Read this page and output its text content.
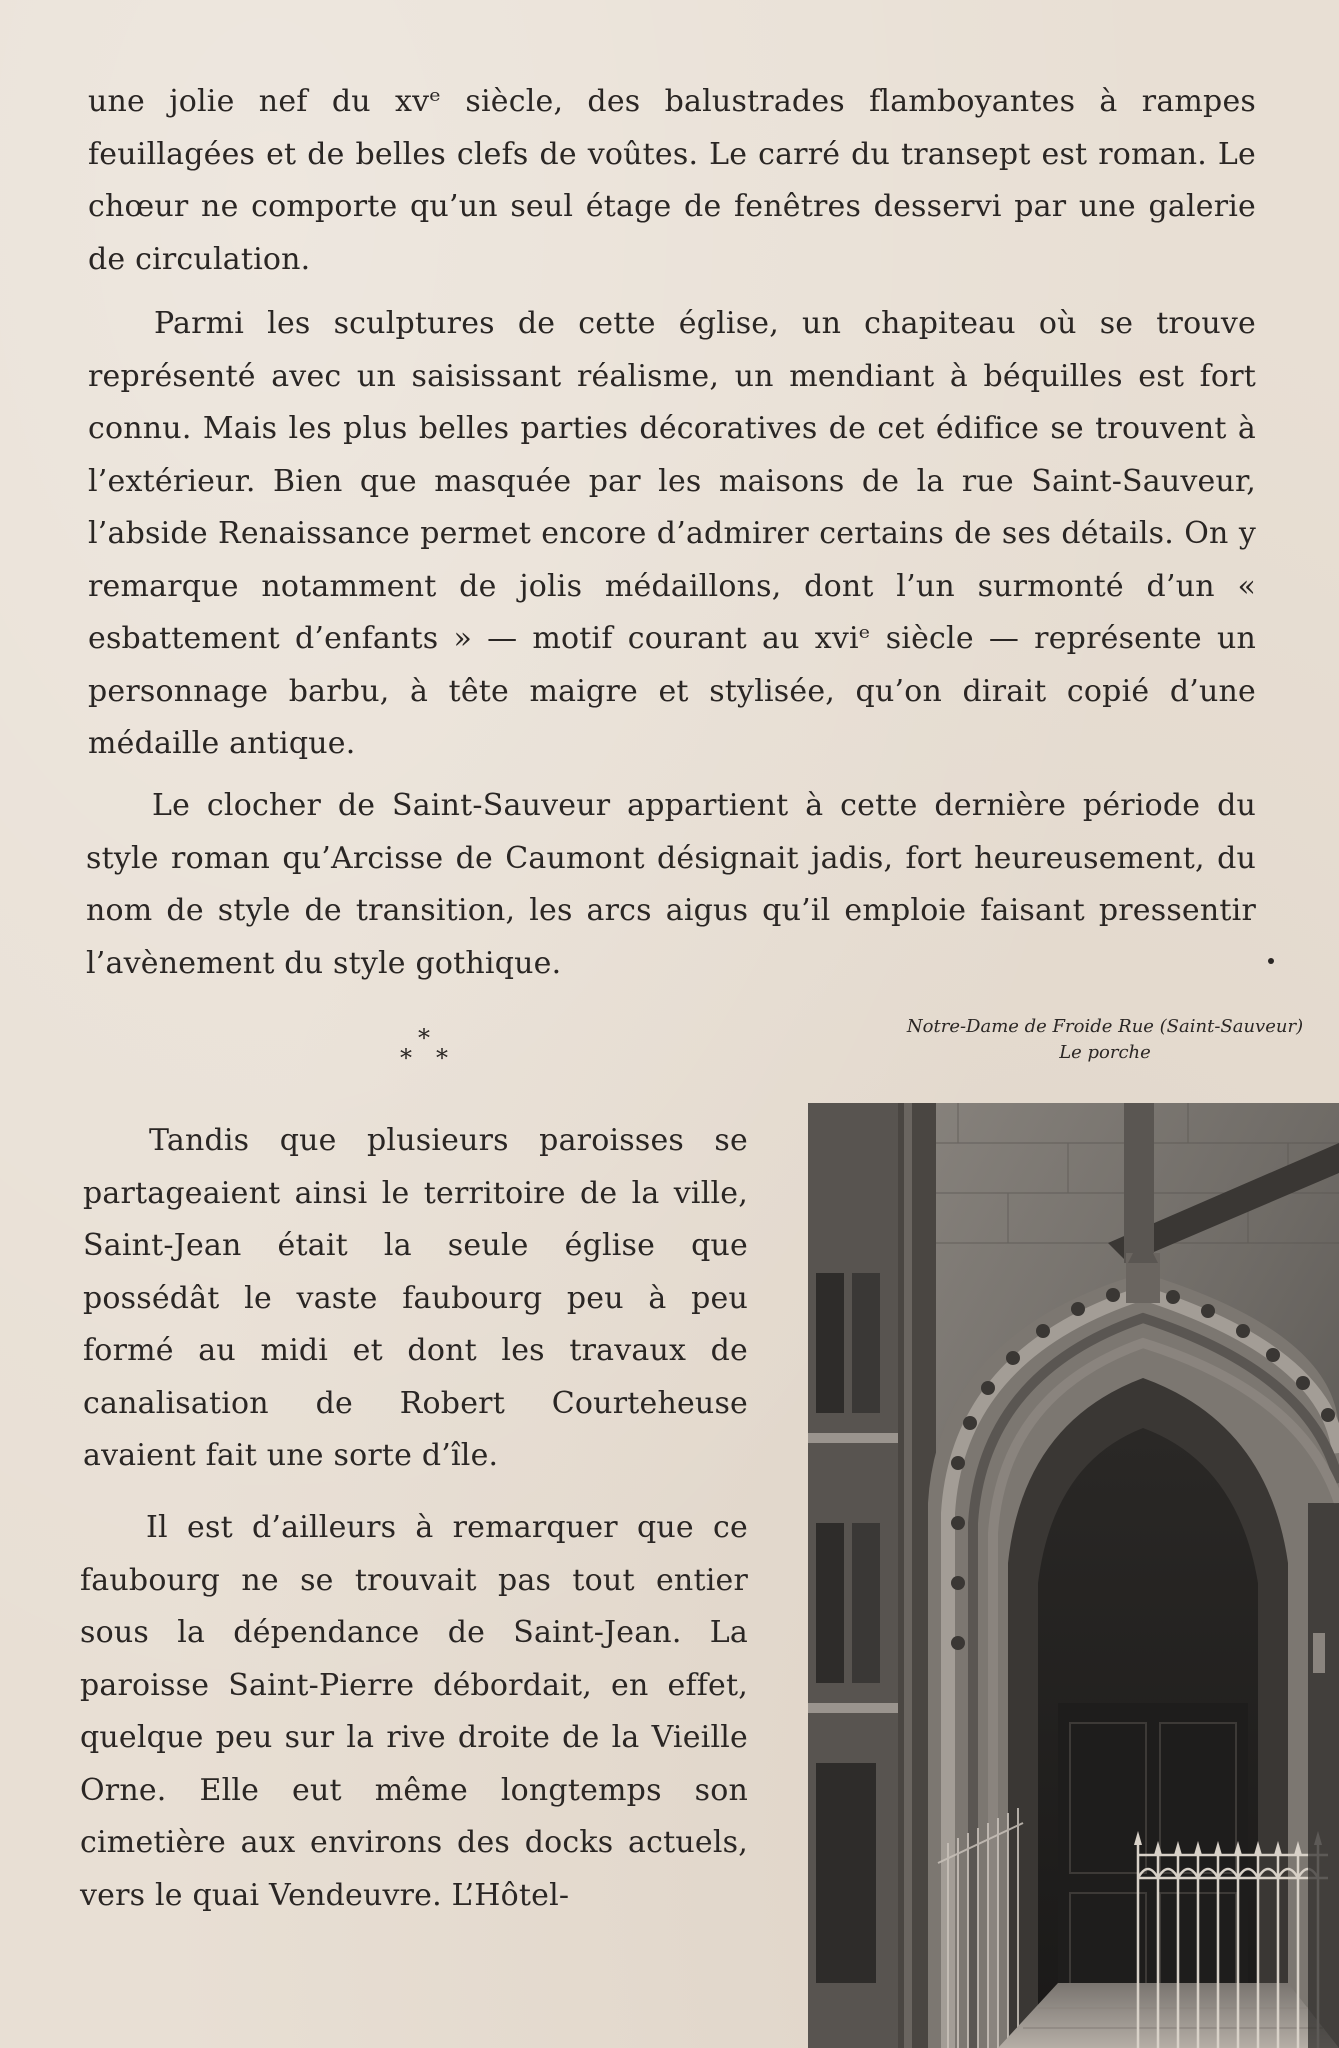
une jolie nef du xvᵉ siècle, des balustrades flamboyantes à rampes feuillagées et de belles clefs de voûtes. Le carré du transept est roman. Le chœur ne comporte qu’un seul étage de fenêtres desservi par une galerie de circulation.

Parmi les sculptures de cette église, un chapiteau où se trouve représenté avec un saisissant réalisme, un mendiant à béquilles est fort connu. Mais les plus belles parties décoratives de cet édifice se trouvent à l’extérieur. Bien que masquée par les maisons de la rue Saint-Sauveur, l’abside Renaissance permet encore d’admirer certains de ses détails. On y remarque notamment de jolis médaillons, dont l’un surmonté d’un « esbattement d’enfants » — motif courant au xviᵉ siècle — représente un personnage barbu, à tête maigre et stylisée, qu’on dirait copié d’une médaille antique.

Le clocher de Saint-Sauveur appartient à cette dernière période du style roman qu’Arcisse de Caumont désignait jadis, fort heureusement, du nom de style de transition, les arcs aigus qu’il emploie faisant pressentir l’avènement du style gothique.

*
* *
Notre-Dame de Froide Rue (Saint-Sauveur)
Le porche

Tandis que plusieurs paroisses se partageaient ainsi le territoire de la ville, Saint-Jean était la seule église que possédât le vaste faubourg peu à peu formé au midi et dont les travaux de canalisation de Robert Courteheuse avaient fait une sorte d’île.

Il est d’ailleurs à remarquer que ce faubourg ne se trouvait pas tout entier sous la dépendance de Saint-Jean. La paroisse Saint-Pierre débordait, en effet, quelque peu sur la rive droite de la Vieille Orne. Elle eut même longtemps son cimetière aux environs des docks actuels, vers le quai Vendeuvre. L’Hôtel-
